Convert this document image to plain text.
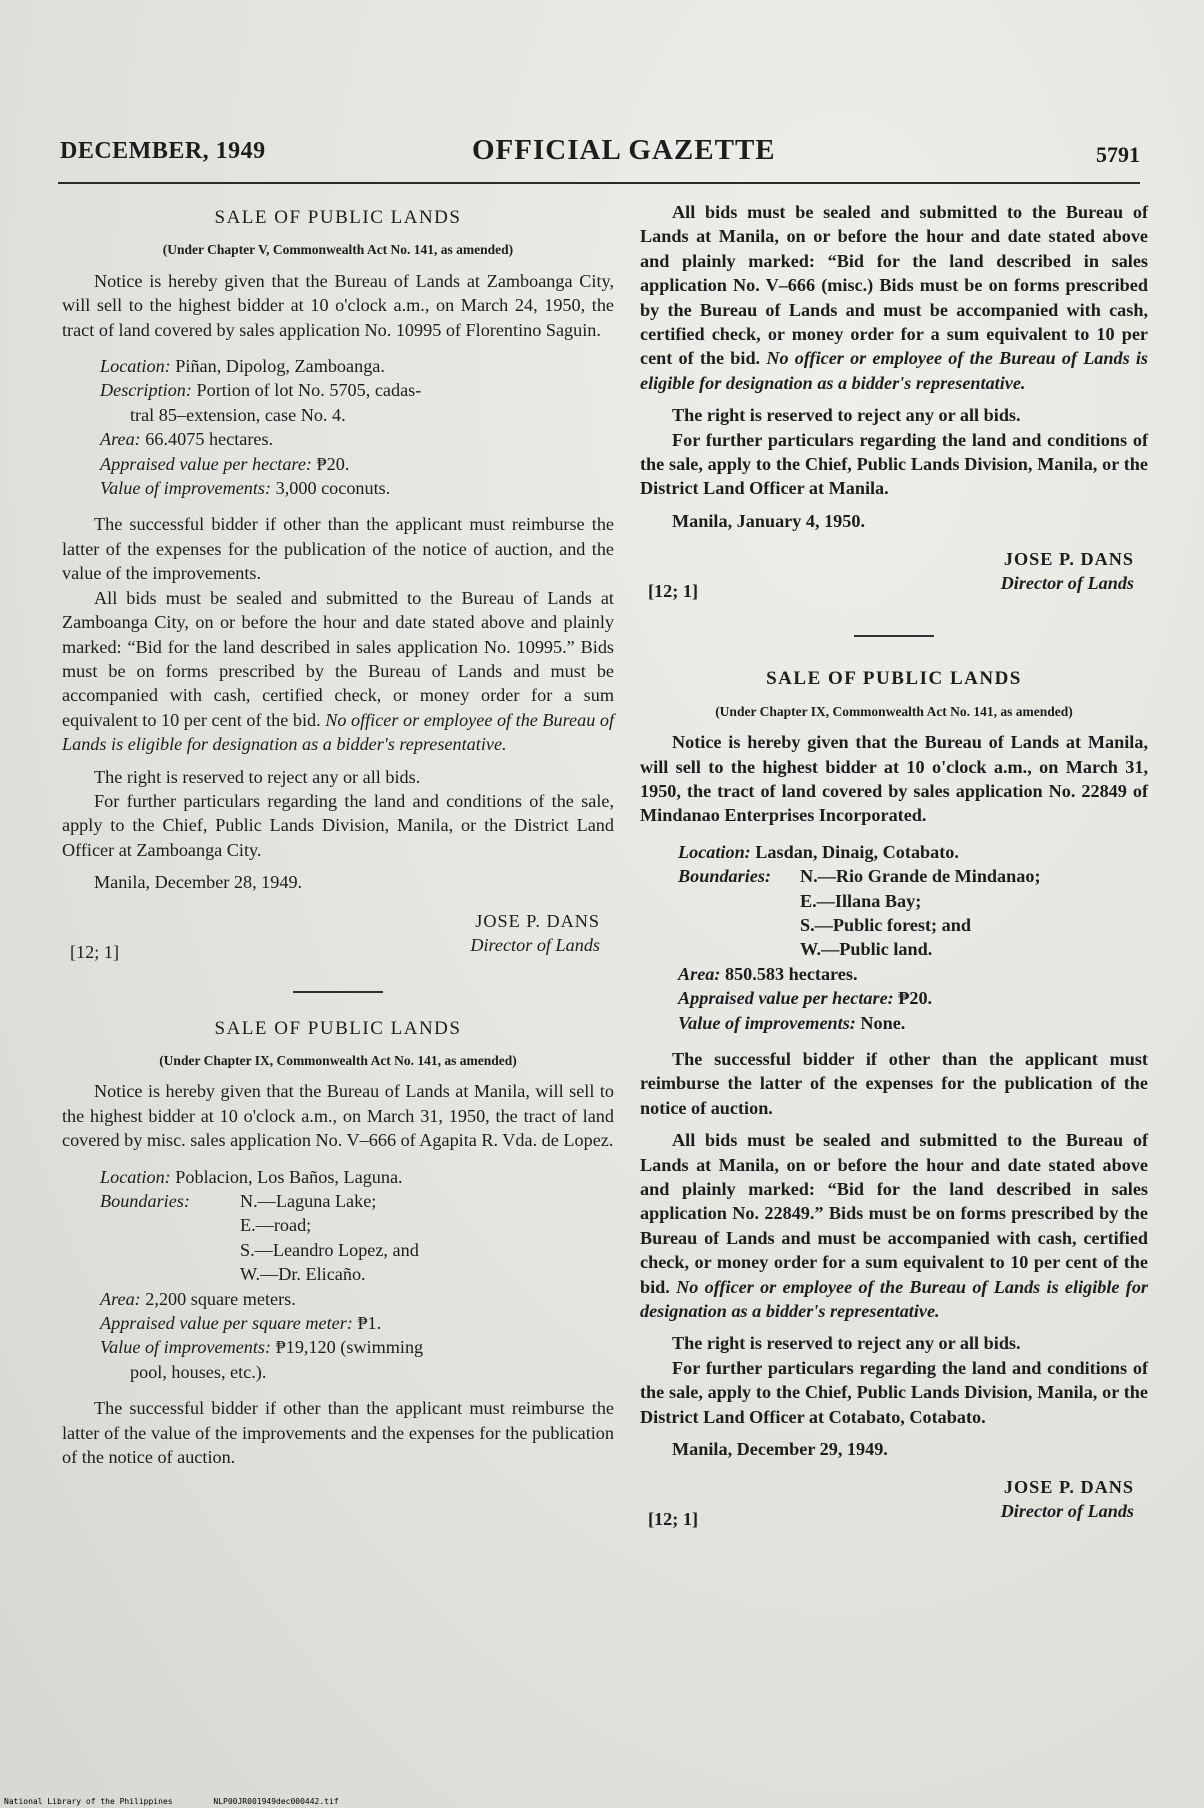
DECEMBER, 1949	OFFICIAL GAZETTE	5791
SALE OF PUBLIC LANDS
(Under Chapter V, Commonwealth Act No. 141, as amended)

Notice is hereby given that the Bureau of Lands at Zamboanga City, will sell to the highest bidder at 10 o'clock a.m., on March 24, 1950, the tract of land covered by sales application No. 10995 of Florentino Saguin.

Location: Piñan, Dipolog, Zamboanga.
Description: Portion of lot No. 5705, cadas-
tral 85–extension, case No. 4.
Area: 66.4075 hectares.
Appraised value per hectare: ₱20.
Value of improvements: 3,000 coconuts.

The successful bidder if other than the applicant must reimburse the latter of the expenses for the publication of the notice of auction, and the value of the improvements.

All bids must be sealed and submitted to the Bureau of Lands at Zamboanga City, on or before the hour and date stated above and plainly marked: “Bid for the land described in sales application No. 10995.” Bids must be on forms prescribed by the Bureau of Lands and must be accompanied with cash, certified check, or money order for a sum equivalent to 10 per cent of the bid. No officer or employee of the Bureau of Lands is eligible for designation as a bidder's representative.

The right is reserved to reject any or all bids.

For further particulars regarding the land and conditions of the sale, apply to the Chief, Public Lands Division, Manila, or the District Land Officer at Zamboanga City.

Manila, December 28, 1949.
JOSE P. DANS
Director of Lands
[12; 1]
SALE OF PUBLIC LANDS
(Under Chapter IX, Commonwealth Act No. 141, as amended)

Notice is hereby given that the Bureau of Lands at Manila, will sell to the highest bidder at 10 o'clock a.m., on March 31, 1950, the tract of land covered by misc. sales application No. V–666 of Agapita R. Vda. de Lopez.

Location: Poblacion, Los Baños, Laguna.
Boundaries:	N.—Laguna Lake;
E.—road;
S.—Leandro Lopez, and
W.—Dr. Elicaño.
Area: 2,200 square meters.
Appraised value per square meter: ₱1.
Value of improvements: ₱19,120 (swimming
pool, houses, etc.).

The successful bidder if other than the applicant must reimburse the latter of the value of the improvements and the expenses for the publication of the notice of auction.

All bids must be sealed and submitted to the Bureau of Lands at Manila, on or before the hour and date stated above and plainly marked: “Bid for the land described in sales application No. V–666 (misc.) Bids must be on forms prescribed by the Bureau of Lands and must be accompanied with cash, certified check, or money order for a sum equivalent to 10 per cent of the bid. No officer or employee of the Bureau of Lands is eligible for designation as a bidder's representative.

The right is reserved to reject any or all bids.

For further particulars regarding the land and conditions of the sale, apply to the Chief, Public Lands Division, Manila, or the District Land Officer at Manila.

Manila, January 4, 1950.
JOSE P. DANS
Director of Lands
[12; 1]
SALE OF PUBLIC LANDS
(Under Chapter IX, Commonwealth Act No. 141, as amended)

Notice is hereby given that the Bureau of Lands at Manila, will sell to the highest bidder at 10 o'clock a.m., on March 31, 1950, the tract of land covered by sales application No. 22849 of Mindanao Enterprises Incorporated.

Location: Lasdan, Dinaig, Cotabato.
Boundaries: N.—Rio Grande de Mindanao;
E.—Illana Bay;
S.—Public forest; and
W.—Public land.
Area: 850.583 hectares.
Appraised value per hectare: ₱20.
Value of improvements: None.

The successful bidder if other than the applicant must reimburse the latter of the expenses for the publication of the notice of auction.

All bids must be sealed and submitted to the Bureau of Lands at Manila, on or before the hour and date stated above and plainly marked: “Bid for the land described in sales application No. 22849.” Bids must be on forms prescribed by the Bureau of Lands and must be accompanied with cash, certified check, or money order for a sum equivalent to 10 per cent of the bid. No officer or employee of the Bureau of Lands is eligible for designation as a bidder's representative.

The right is reserved to reject any or all bids.

For further particulars regarding the land and conditions of the sale, apply to the Chief, Public Lands Division, Manila, or the District Land Officer at Cotabato, Cotabato.

Manila, December 29, 1949.
JOSE P. DANS
Director of Lands
[12; 1]
National Library of the Philippines	NLP00JR001949dec000442.tif
